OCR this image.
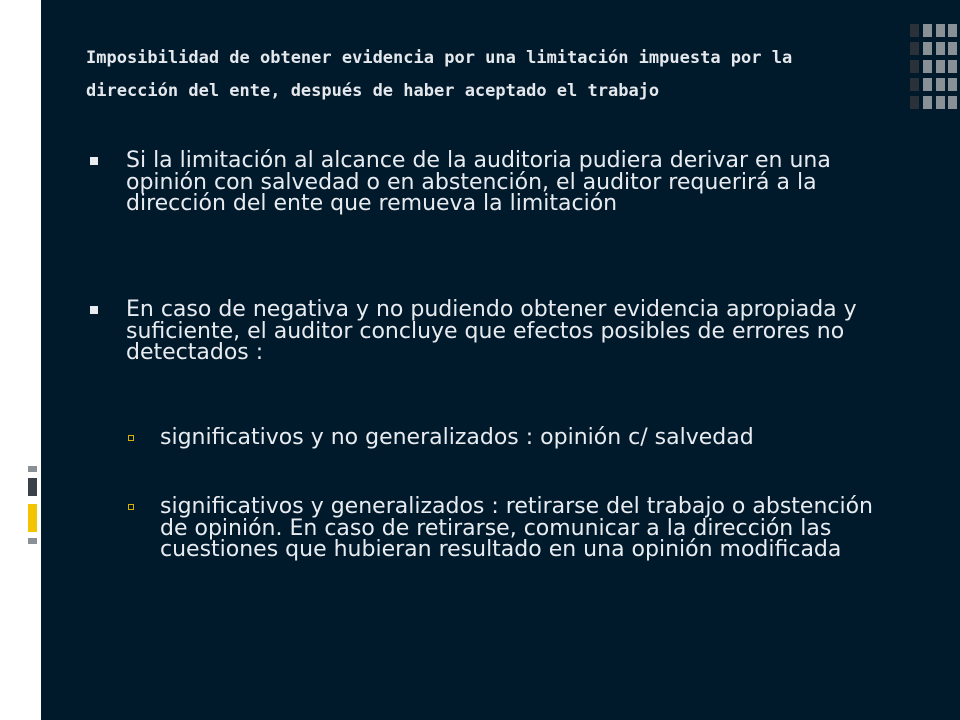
Imposibilidad de obtener evidencia por una limitación impuesta por la dirección del ente, después de haber aceptado el trabajo
Si la limitación al alcance de la auditoria pudiera derivar en una opinión con salvedad o en abstención, el auditor requerirá a la dirección del ente que remueva la limitación
En caso de negativa y no pudiendo obtener evidencia apropiada y suficiente, el auditor concluye que efectos posibles de errores no detectados :
significativos y no generalizados : opinión c/ salvedad
significativos y generalizados : retirarse del trabajo o abstención de opinión. En caso de retirarse, comunicar a la dirección las cuestiones que hubieran resultado en una opinión modificada
